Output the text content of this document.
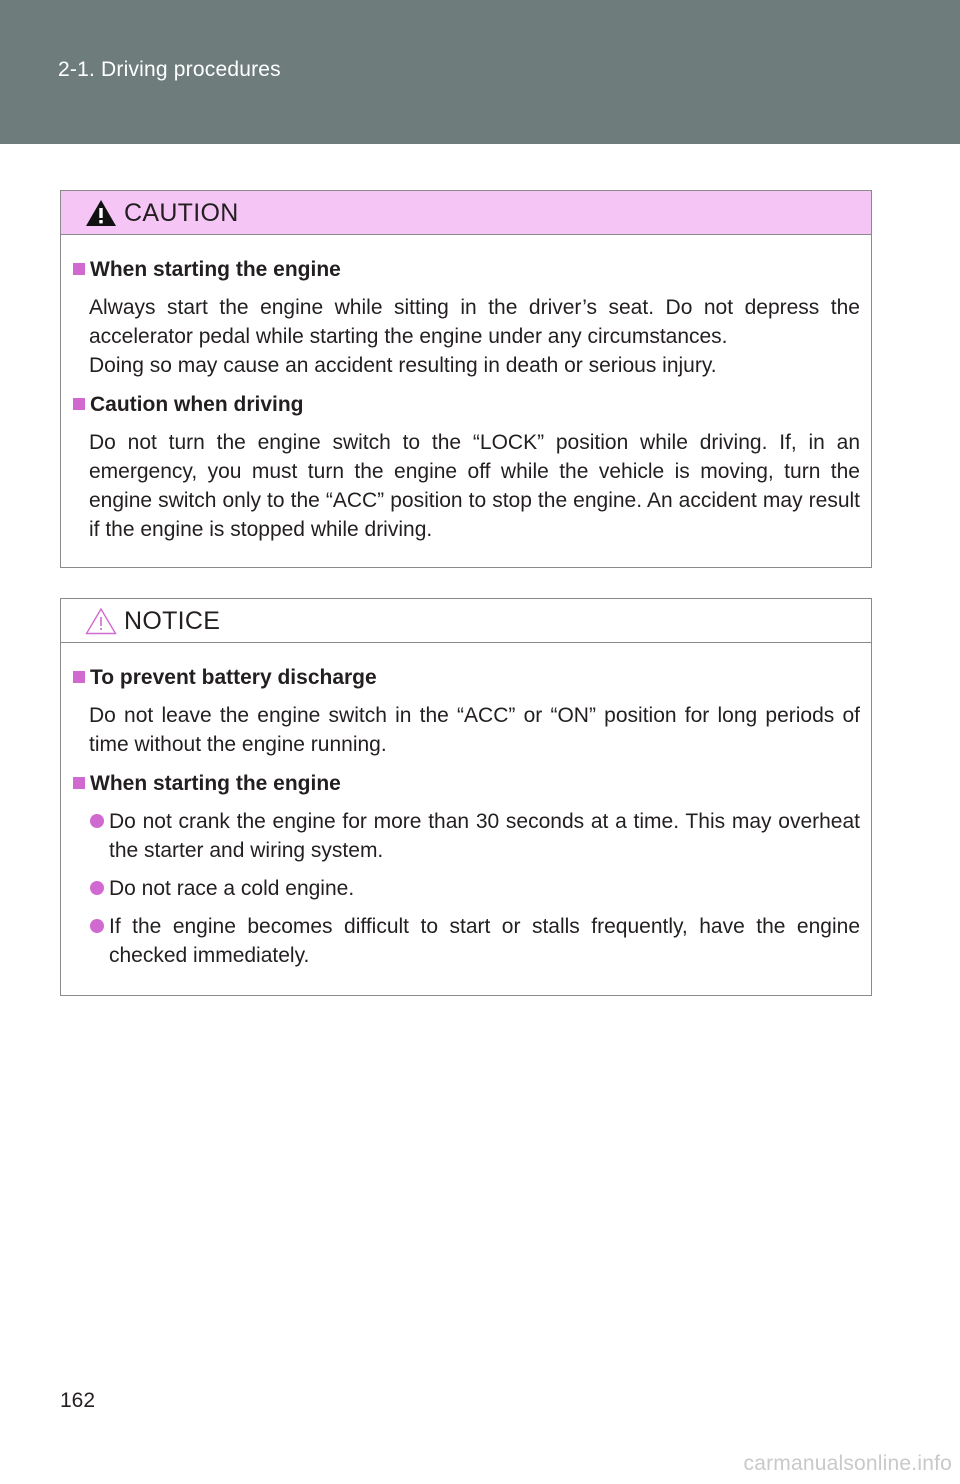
2-1. Driving procedures
CAUTION
When starting the engine
Always start the engine while sitting in the driver’s seat. Do not depress the accelerator pedal while starting the engine under any circumstances.
Doing so may cause an accident resulting in death or serious injury.
Caution when driving
Do not turn the engine switch to the “LOCK” position while driving. If, in an emergency, you must turn the engine off while the vehicle is moving, turn the engine switch only to the “ACC” position to stop the engine. An accident may result if the engine is stopped while driving.
NOTICE
To prevent battery discharge
Do not leave the engine switch in the “ACC” or “ON” position for long periods of time without the engine running.
When starting the engine
Do not crank the engine for more than 30 seconds at a time. This may overheat the starter and wiring system.
Do not race a cold engine.
If the engine becomes difficult to start or stalls frequently, have the engine checked immediately.
162
carmanualsonline.info
